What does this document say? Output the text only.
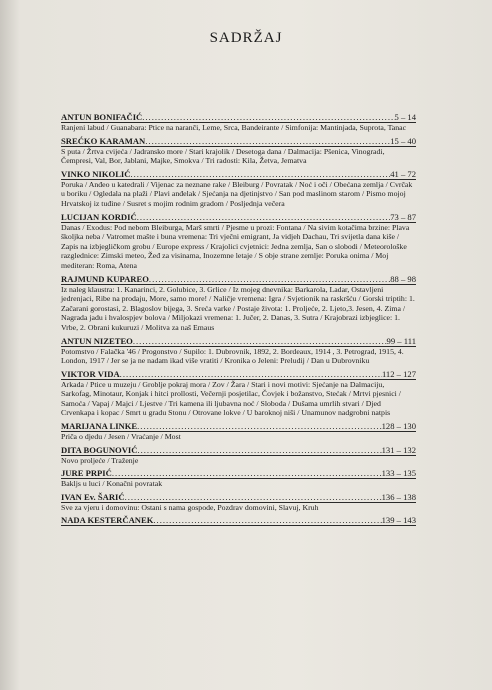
SADRŽAJ
ANTUN BONIFAČIĆ .....	5 – 14
Ranjeni labud / Guanabara: Ptice na naranči, Leme, Srca, Bandeirante / Simfonija: Mantinjada, Suprota, Tanac
SREĆKO KARAMAN .....	15 – 40
S puta / Žrtva cvijeća / Jadransko more / Stari krajolik / Desetoga dana / Dalmacija: Pšenica, Vinogradi, Čempresi, Val, Bor, Jablani, Majke, Smokva / Tri radosti: Kila, Žetva, Jematva
VINKO NIKOLIĆ .....	41 – 72
Poruka / Anđeo u katedrali / Vijenac za neznane rake / Bleiburg / Povratak / Noć i oči / Obećana zemlja / Cvrčak u boriku / Ogledala na plaži / Plavi anđelak / Sjećanja na djetinjstvo / San pod maslinom starom / Pismo mojoj Hrvatskoj iz tuđine / Susret s mojim rodnim gradom / Posljednja večera
LUCIJAN KORDIĆ .....	73 – 87
Danas / Exodus: Pod nebom Bleiburga, Marš smrti / Pjesme u prozi: Fontana / Na sivim kotačima brzine: Plava školjka neba / Vatromet mašte i buna vremena: Tri vječni emigrant, Ja vidjeh Dachau, Tri svijetla dana kiše / Zapis na izbjegličkom grobu / Europe express / Krajolici cvjetnici: Jedna zemlja, San o slobodi / Meteorološke razglednice: Zimski meteo, Žeđ za visinama, Inozemne letaje / S obje strane zemlje: Poruka onima / Moj mediteran: Roma, Atena
RAJMUND KUPAREO .....	88 – 98
Iz naleg klaustra: 1. Kanarinci, 2. Golubice, 3. Grlice / Iz mojeg dnevnika: Barkarola, Ladar, Ostavljeni jedrenjaci, Ribe na prodaju, More, samo more! / Naličje vremena: Igra / Svjetionik na raskršću / Gorski triptih: 1. Začarani gorostasi, 2. Blagoslov bijega, 3. Sreća varke / Postaje života: 1. Proljeće, 2. Ljeto,3. Jesen, 4. Zima / Nagrada jadu i hvalospjev bolova / Miljokazi vremena: 1. Jučer, 2. Danas, 3. Sutra / Krajobrazi izbjeglice: 1. Vrbe, 2. Obrani kukuruzi / Molitva za naš Emaus
ANTUN NIZETEO .....	99 – 111
Potomstvo / Falačka '46 / Progonstvo / Supilo: 1. Dubrovnik, 1892, 2. Bordeaux, 1914 , 3. Petrograd, 1915, 4. London, 1917 / Jer se ja ne nadam ikad više vratiti / Kronika o Jeleni: Preludij / Dan u Dubrovniku
VIKTOR VIDA .....	112 – 127
Arkada / Ptice u muzeju / Groblje pokraj mora / Zov / Žara / Stari i novi motivi: Sjećanje na Dalmaciju, Sarkofag, Minotaur, Konjak i hitci prollosti, Večernji posjetilac, Čovjek i božanstvo, Stećak / Mrtvi pjesnici / Samoća / Vapaj / Majci / Ljestve / Tri kamena ili ljubavna noć / Sloboda / Dušama umrlih stvari / Djed Crvenkapa i kopac / Smrt u gradu Stonu / Otrovane lokve / U baroknoj niši / Unamunov nadgrobni natpis
MARIJANA LINKE .....	128 – 130
Priča o djedu / Jesen / Vraćanje / Most
DITA BOGUNOVIĆ .....	131 – 132
Novo proljeće / Traženje
JURE PRPIĆ .....	133 – 135
Bakljs u luci / Konačni povratak
IVAN Ev. ŠARIĆ .....	136 – 138
Sve za vjeru i domovinu: Ostani s nama gospode, Pozdrav domovini, Slavuj, Kruh
NADA KESTERČANEK .....	139 – 143
